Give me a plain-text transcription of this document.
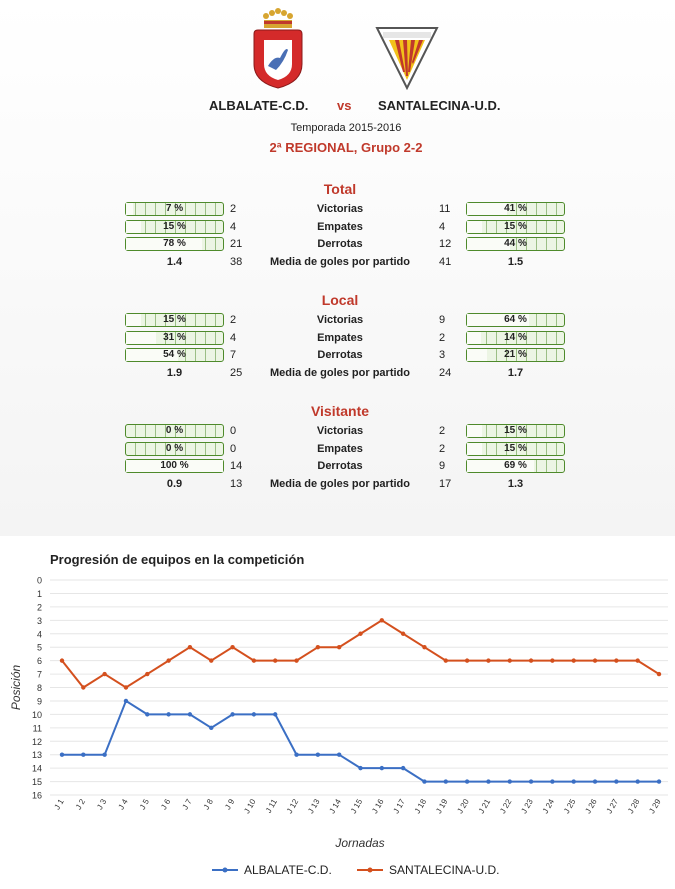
ALBALATE-C.D. vs SANTALECINA-U.D.
Temporada 2015-2016
2ª REGIONAL, Grupo 2-2
Total
7 %	2	Victorias	11	41 %
15 %	4	Empates	4	15 %
78 %	21	Derrotas	12	44 %
1.4	38	Media de goles por partido	41	1.5
Local
15 %	2	Victorias	9	64 %
31 %	4	Empates	2	14 %
54 %	7	Derrotas	3	21 %
1.9	25	Media de goles por partido	24	1.7
Visitante
0 %	0	Victorias	2	15 %
0 %	0	Empates	2	15 %
100 %	14	Derrotas	9	69 %
0.9	13	Media de goles por partido	17	1.3
Progresión de equipos en la competición
0
1
2
3
4
5
6
7
8
9
10
11
12
13
14
15
16
J 1 J 2 J 3 J 4 J 5 J 6 J 7 J 8 J 9 J 10 J 11 J 12 J 13 J 14 J 15 J 16 J 17 J 18 J 19 J 20 J 21 J 22 J 23 J 24 J 25 J 26 J 27 J 28 J 29
Posición
Jornadas
ALBALATE-C.D.	SANTALECINA-U.D.
